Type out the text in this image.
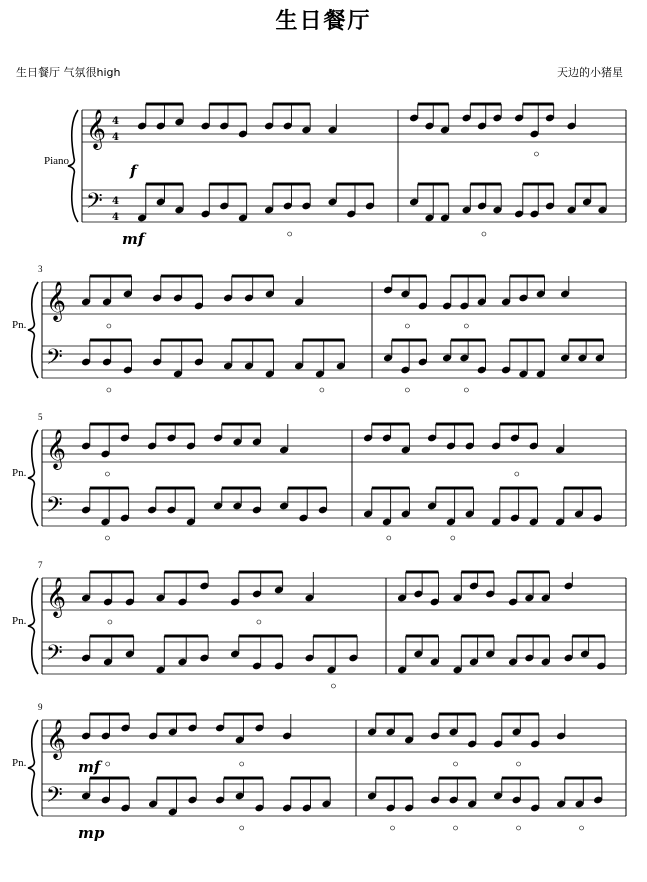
生日餐厅
生日餐厅 气氛很high	天边的小猪星
Piano
𝄞
𝄢
4
4
4
4
f
mf
Pn.
𝄞
𝄢
3
Pn.
𝄞
𝄢
5
Pn.
𝄞
𝄢
7
Pn.
𝄞
𝄢
9
mf
mp
